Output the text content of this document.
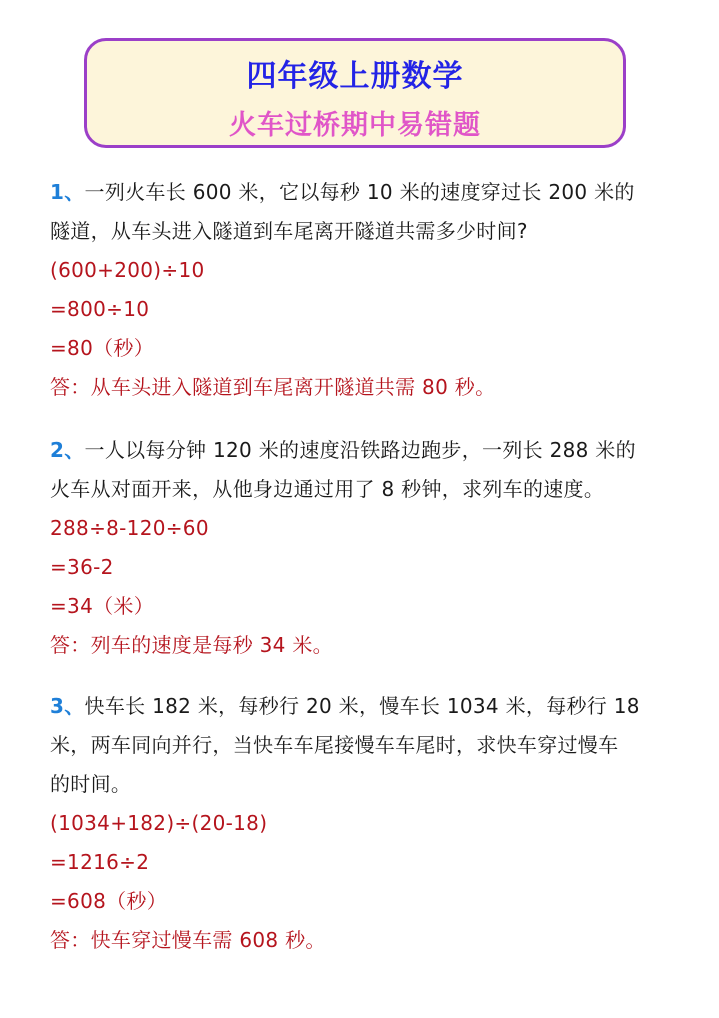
四年级上册数学
火车过桥期中易错题
1、一列火车长 600 米，它以每秒 10 米的速度穿过长 200 米的
隧道，从车头进入隧道到车尾离开隧道共需多少时间?
(600+200)÷10
=800÷10
=80（秒）
答：从车头进入隧道到车尾离开隧道共需 80 秒。
2、一人以每分钟 120 米的速度沿铁路边跑步，一列长 288 米的
火车从对面开来，从他身边通过用了 8 秒钟，求列车的速度。
288÷8-120÷60
=36-2
=34（米）
答：列车的速度是每秒 34 米。
3、快车长 182 米，每秒行 20 米，慢车长 1034 米，每秒行 18
米，两车同向并行，当快车车尾接慢车车尾时，求快车穿过慢车
的时间。
(1034+182)÷(20-18)
=1216÷2
=608（秒）
答：快车穿过慢车需 608 秒。
